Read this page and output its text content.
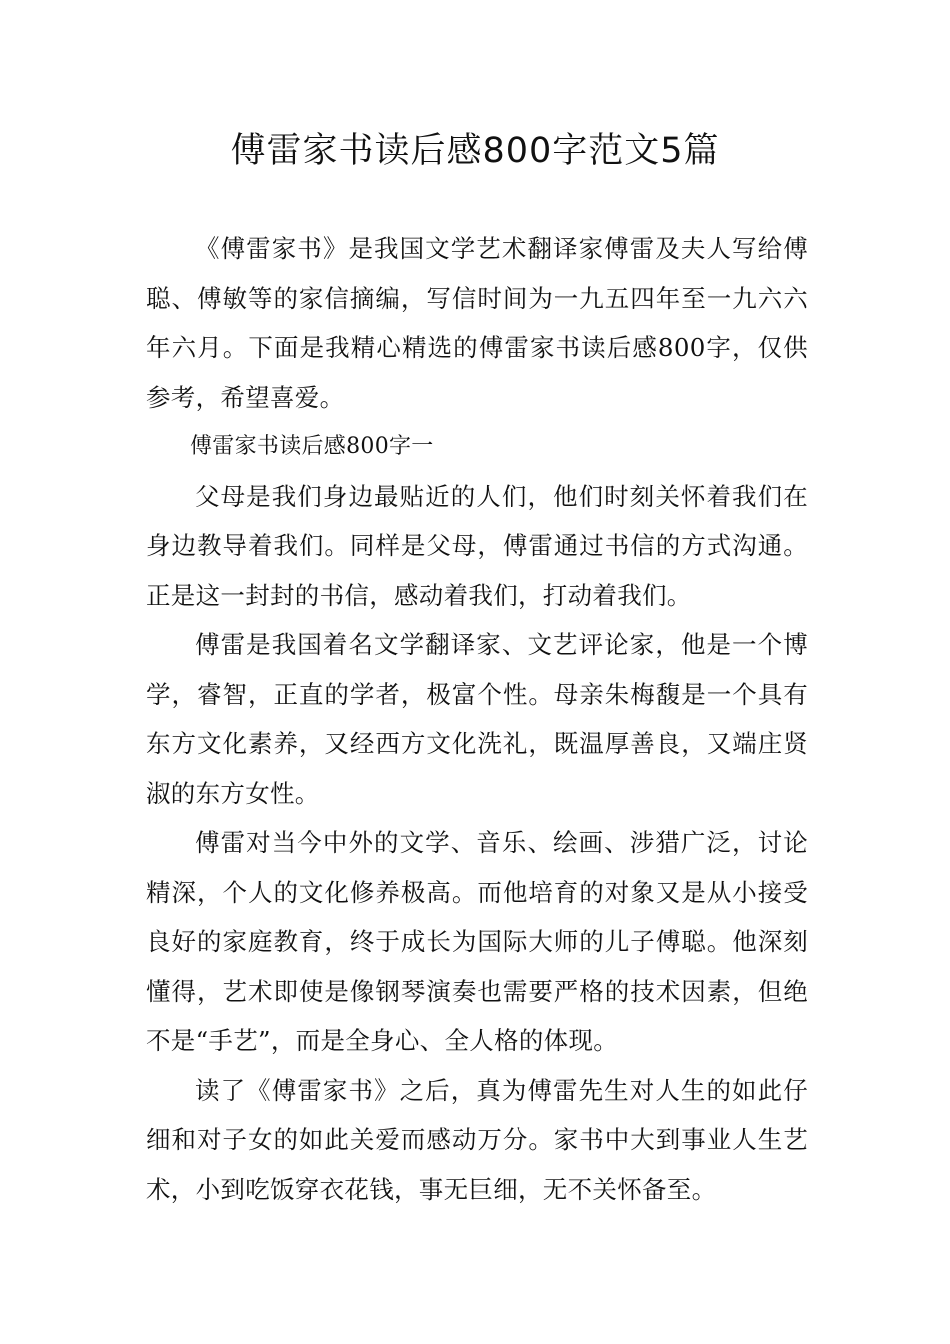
傅雷家书读后感800字范文5篇

《傅雷家书》是我国文学艺术翻译家傅雷及夫人写给傅聪、傅敏等的家信摘编，写信时间为一九五四年至一九六六年六月。下面是我精心精选的傅雷家书读后感800字，仅供参考，希望喜爱。

傅雷家书读后感800字一

父母是我们身边最贴近的人们，他们时刻关怀着我们在身边教导着我们。同样是父母，傅雷通过书信的方式沟通。正是这一封封的书信，感动着我们，打动着我们。

傅雷是我国着名文学翻译家、文艺评论家，他是一个博学，睿智，正直的学者，极富个性。母亲朱梅馥是一个具有东方文化素养，又经西方文化洗礼，既温厚善良，又端庄贤淑的东方女性。

傅雷对当今中外的文学、音乐、绘画、涉猎广泛，讨论精深，个人的文化修养极高。而他培育的对象又是从小接受良好的家庭教育，终于成长为国际大师的儿子傅聪。他深刻懂得，艺术即使是像钢琴演奏也需要严格的技术因素，但绝不是“手艺”，而是全身心、全人格的体现。

读了《傅雷家书》之后，真为傅雷先生对人生的如此仔细和对子女的如此关爱而感动万分。家书中大到事业人生艺术，小到吃饭穿衣花钱，事无巨细，无不关怀备至。
